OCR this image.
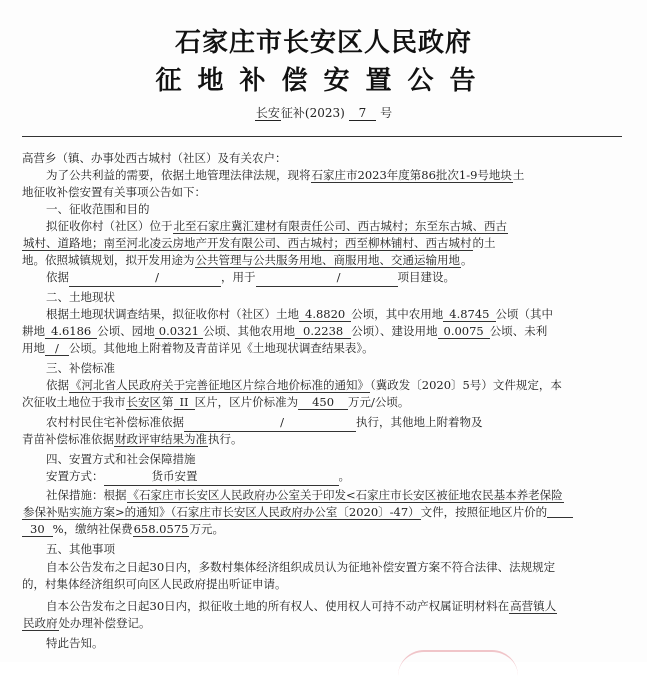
石家庄市长安区人民政府
征地补偿安置公告
长安征补(2023) 7 号
高营乡（镇、办事处西古城村（社区）及有关农户：
为了公共利益的需要，依据土地管理法律法规，现将石家庄市2023年度第86批次1-9号地块土
地征收补偿安置有关事项公告如下：
一、征收范围和目的
拟征收你村（社区）位于北至石家庄冀汇建材有限责任公司、西古城村；东至东古城、西古
城村、道路地；南至河北凌云房地产开发有限公司、西古城村；西至柳林铺村、西古城村的土
地。依照城镇规划，拟开发用途为公共管理与公共服务用地、商服用地、交通运输用地。
依据	/	，用于	/	项目建设。
二、土地现状
根据土地现状调查结果，拟征收你村（社区）土地 4.8820 公顷，其中农用地 4.8745 公顷（其中
耕地 4.6186 公顷、园地 0.0321 公顷、其他农用地 0.2238 公顷）、建设用地 0.0075 公顷、未利
用地 / 公顷。其他地上附着物及青苗详见《土地现状调查结果表》。
三、补偿标准
依据《河北省人民政府关于完善征地区片综合地价标准的通知》（冀政发〔2020〕5号）文件规定，本
次征收土地位于我市长安区第 II 区片，区片价标准为 450 万元/公顷。
农村村民住宅补偿标准依据	/	执行，其他地上附着物及
青苗补偿标准依据财政评审结果为准执行。
四、安置方式和社会保障措施
安置方式：	货币安置	。
社保措施：根据《石家庄市长安区人民政府办公室关于印发<石家庄市长安区被征地农民基本养老保险
参保补贴实施方案>的通知》（石家庄市长安区人民政府办公室〔2020〕-47）文件，按照征地区片价的
30 %，缴纳社保费658.0575万元。
五、其他事项
自本公告发布之日起30日内，多数村集体经济组织成员认为征地补偿安置方案不符合法律、法规规定
的，村集体经济组织可向区人民政府提出听证申请。
自本公告发布之日起30日内，拟征收土地的所有权人、使用权人可持不动产权属证明材料在高营镇人
民政府处办理补偿登记。
特此告知。
